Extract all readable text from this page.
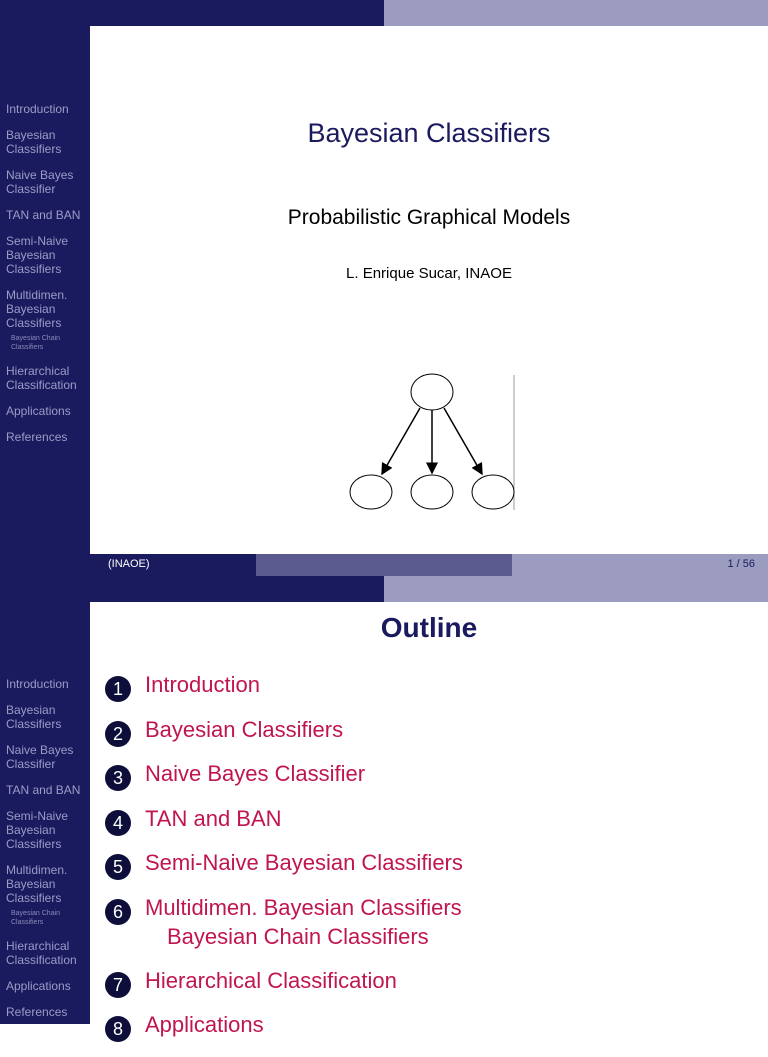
Introduction
Bayesian Classifiers
Naive Bayes Classifier
TAN and BAN
Semi-Naive Bayesian Classifiers
Multidimen. Bayesian Classifiers
Bayesian Chain Classifiers
Hierarchical Classification
Applications
References
Bayesian Classifiers
Probabilistic Graphical Models
L. Enrique Sucar, INAOE
(INAOE)	1 / 56
Introduction
Bayesian Classifiers
Naive Bayes Classifier
TAN and BAN
Semi-Naive Bayesian Classifiers
Multidimen. Bayesian Classifiers
Bayesian Chain Classifiers
Hierarchical Classification
Applications
References
Outline
1	Introduction
2	Bayesian Classifiers
3	Naive Bayes Classifier
4	TAN and BAN
5	Semi-Naive Bayesian Classifiers
6	Multidimen. Bayesian Classifiers
Bayesian Chain Classifiers
7	Hierarchical Classification
8	Applications
